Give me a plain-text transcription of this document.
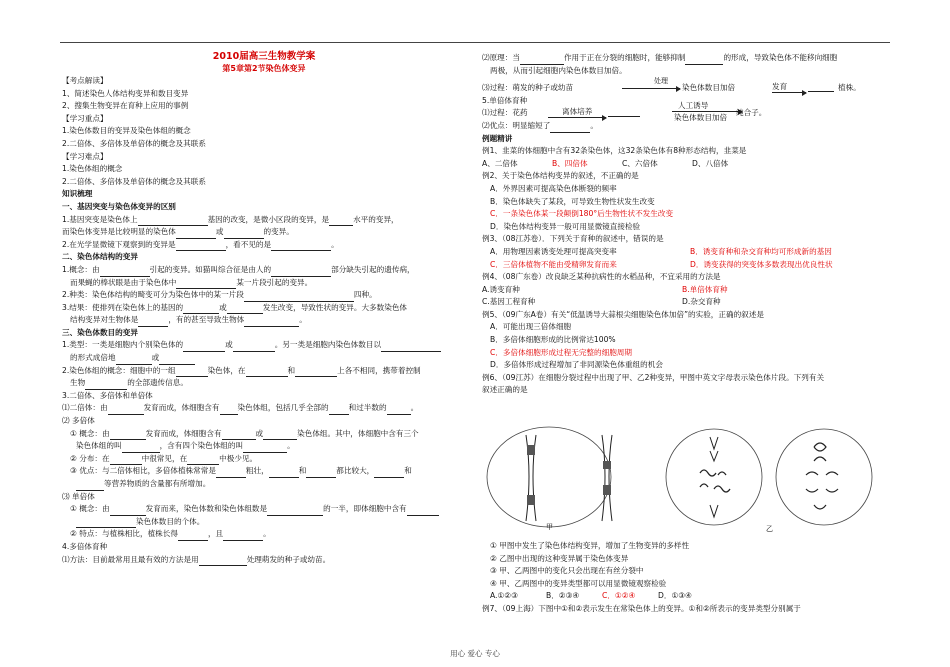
2010届高三生物教学案
第5章第2节染色体变异
【考点解读】
1、简述染色人体结构变异和数目变异
2、搜集生物变异在育种上应用的事例
【学习重点】
1.染色体数目的变异及染色体组的概念
2.二倍体、多倍体及单倍体的概念及其联系
【学习难点】
1.染色体组的概念
2.二倍体、多倍体及单倍体的概念及其联系
知识梳理
一、基因突变与染色体变异的区别
1.基因突变是染色体上	基因的改变，是微小区段的变异，是	水平的变异，
而染色体变异是比较明显的染色体	或	的变异。
2.在光学显微镜下观察到的变异是	，看不见的是	。
二、染色体结构的变异
1.概念：由	引起的变异。如猫叫综合征是由人的	部分缺失引起的遗传病，
而果蝇的棒状眼是由于染色体中	某一片段引起的变异。
2.种类：染色体结构的畸变可分为染色体中的某一片段	四种。
3.结果：使排列在染色体上的基因的	或	发生改变，导致性状的变异。大多数染色体
结构变异对生物体是	，有的甚至导致生物体	。
三、染色体数目的变异
1.类型：一类是细胞内个别染色体的	或	。另一类是细胞内染色体数目以
的形式成倍地	或
2.染色体组的概念：细胞中的一组	染色体，在	和	上各不相同，携带着控制
生物	的全部遗传信息。
3.二倍体、多倍体和单倍体
⑴二倍体：由	发育而成，体细胞含有 染色体组，包括几乎全部的	和过半数的	。
⑵ 多倍体
① 概念：由	发育而成，体细胞含有	或	染色体组。其中，体细胞中含有三个
染色体组的叫	，含有四个染色体组的叫	。
② 分布：在	中很常见，在	中极少见。
③ 优点：与二倍体相比，多倍体植株常常是	粗壮，	和	都比较大，	和
等营养物质的含量都有所增加。
⑶ 单倍体
① 概念：由	发育而来，染色体数和染色体组数是	的一半，即体细胞中含有
染色体数目的个体。
② 特点：与植株相比，植株长得	，且	。
4.多倍体育种
⑴方法：目前最常用且最有效的方法是用	处理萌发的种子或幼苗。
⑵原理：当	作用于正在分裂的细胞时，能够抑制	的形成，导致染色体不能移向细胞
两极，从而引起细胞内染色体数目加倍。
⑶过程：萌发的种子或幼苗
处理
染色体数目加倍	发育	植株。
5.单倍体育种
⑴过程：花药	离体培养
人工诱导
染色体数目加倍
纯合子。
⑵优点：明显缩短了	。
例题精讲
例1、韭菜的体细胞中含有32条染色体，这32条染色体有8种形态结构，韭菜是
A、二倍体	B、四倍体	C、六倍体	D、八倍体
例2、关于染色体结构变异的叙述，不正确的是
A．外界因素可提高染色体断裂的频率
B．染色体缺失了某段，可导致生物性状发生改变
C．一条染色体某一段颠倒180°后生物性状不发生改变
D．染色体结构变异一般可用显微镜直接检验
例3、（08江苏卷）．下列关于育种的叙述中，错误的是
A．用物理因素诱变处理可提高突变率	B．诱变育种和杂交育种均可形成新的基因
C．三倍体植物不能由受精卵发育而来	D．诱变获得的突变体多数表现出优良性状
例4、（08广东卷）改良缺乏某种抗病性的水稻品种，不宜采用的方法是
A.诱变育种	B.单倍体育种
C.基因工程育种	D.杂交育种
例5、（09广东A卷）有关“低温诱导大蒜根尖细胞染色体加倍”的实验，正确的叙述是
A．可能出现三倍体细胞
B．多倍体细胞形成的比例常达100%
C．多倍体细胞形成过程无完整的细胞周期
D．多倍体形成过程增加了非同源染色体重组的机会
例6、（09江苏）在细胞分裂过程中出现了甲、乙2种变异，甲图中英文字母表示染色体片段。下列有关
叙述正确的是
甲	乙
① 甲图中发生了染色体结构变异，增加了生物变异的多样性
② 乙图中出现的这种变异属于染色体变异
③ 甲、乙两图中的变化只会出现在有丝分裂中
④ 甲、乙两图中的变异类型都可以用显微镜观察检验
A.①②③	B．②③④	C．①②④	D．①③④
例7、（09上海）下图中①和②表示发生在常染色体上的变异。①和②所表示的变异类型分别属于
用心 爱心 专心
